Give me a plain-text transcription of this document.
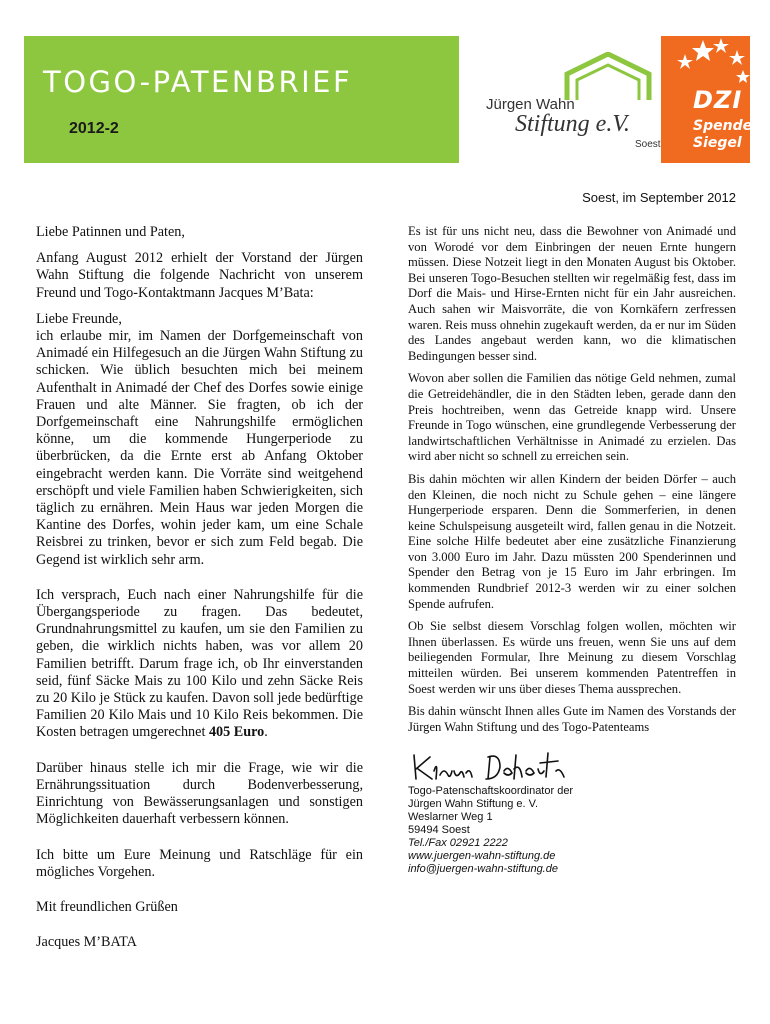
TOGO-PATENBRIEF
2012-2
Jürgen Wahn
Stiftung e.V.
Soest
DZI
Spenden-
Siegel
Soest, im September 2012

Liebe Patinnen und Paten,

Anfang August 2012 erhielt der Vorstand der Jürgen Wahn Stiftung die folgende Nachricht von unserem Freund und Togo-Kontaktmann Jacques M’Bata:

Liebe Freunde,

ich erlaube mir, im Namen der Dorfgemeinschaft von Animadé ein Hilfegesuch an die Jürgen Wahn Stiftung zu schicken. Wie üblich besuchten mich bei meinem Aufenthalt in Animadé der Chef des Dorfes sowie einige Frauen und alte Männer. Sie fragten, ob ich der Dorfgemeinschaft eine Nahrungshilfe ermöglichen könne, um die kommende Hungerperiode zu überbrücken, da die Ernte erst ab Anfang Oktober eingebracht werden kann. Die Vorräte sind weitgehend erschöpft und viele Familien haben Schwierigkeiten, sich täglich zu ernähren. Mein Haus war jeden Morgen die Kantine des Dorfes, wohin jeder kam, um eine Schale Reisbrei zu trinken, bevor er sich zum Feld begab. Die Gegend ist wirklich sehr arm.

Ich versprach, Euch nach einer Nahrungshilfe für die Übergangsperiode zu fragen. Das bedeutet, Grundnahrungsmittel zu kaufen, um sie den Familien zu geben, die wirklich nichts haben, was vor allem 20 Familien betrifft. Darum frage ich, ob Ihr einverstanden seid, fünf Säcke Mais zu 100 Kilo und zehn Säcke Reis zu 20 Kilo je Stück zu kaufen. Davon soll jede bedürftige Familien 20 Kilo Mais und 10 Kilo Reis bekommen. Die Kosten betragen umgerechnet 405 Euro.

Darüber hinaus stelle ich mir die Frage, wie wir die Ernährungssituation durch Bodenverbesserung, Einrichtung von Bewässerungsanlagen und sonstigen Möglichkeiten dauerhaft verbessern können.

Ich bitte um Eure Meinung und Ratschläge für ein mögliches Vorgehen.

Mit freundlichen Grüßen

Jacques M’BATA

Es ist für uns nicht neu, dass die Bewohner von Animadé und von Worodé vor dem Einbringen der neuen Ernte hungern müssen. Diese Notzeit liegt in den Monaten August bis Oktober. Bei unseren Togo-Besuchen stellten wir regelmäßig fest, dass im Dorf die Mais- und Hirse-Ernten nicht für ein Jahr ausreichen. Auch sahen wir Maisvorräte, die von Kornkäfern zerfressen waren. Reis muss ohnehin zugekauft werden, da er nur im Süden des Landes angebaut werden kann, wo die klimatischen Bedingungen besser sind.

Wovon aber sollen die Familien das nötige Geld nehmen, zumal die Getreidehändler, die in den Städten leben, gerade dann den Preis hochtreiben, wenn das Getreide knapp wird. Unsere Freunde in Togo wünschen, eine grundlegende Verbesserung der landwirtschaftlichen Verhältnisse in Animadé zu erzielen. Das wird aber nicht so schnell zu erreichen sein.

Bis dahin möchten wir allen Kindern der beiden Dörfer – auch den Kleinen, die noch nicht zu Schule gehen – eine längere Hungerperiode ersparen. Denn die Sommerferien, in denen keine Schulspeisung ausgeteilt wird, fallen genau in die Notzeit. Eine solche Hilfe bedeutet aber eine zusätzliche Finanzierung von 3.000 Euro im Jahr. Dazu müssten 200 Spenderinnen und Spender den Betrag von je 15 Euro im Jahr erbringen. Im kommenden Rundbrief 2012-3 werden wir zu einer solchen Spende aufrufen.

Ob Sie selbst diesem Vorschlag folgen wollen, möchten wir Ihnen überlassen. Es würde uns freuen, wenn Sie uns auf dem beiliegenden Formular, Ihre Meinung zu diesem Vorschlag mitteilen würden. Bei unserem kommenden Patentreffen in Soest werden wir uns über dieses Thema aussprechen.

Bis dahin wünscht Ihnen alles Gute im Namen des Vorstands der Jürgen Wahn Stiftung und des Togo-Patenteams

Togo-Patenschaftskoordinator der

Jürgen Wahn Stiftung e. V.

Weslarner Weg 1

59494 Soest

Tel./Fax 02921 2222

www.juergen-wahn-stiftung.de

info@juergen-wahn-stiftung.de
